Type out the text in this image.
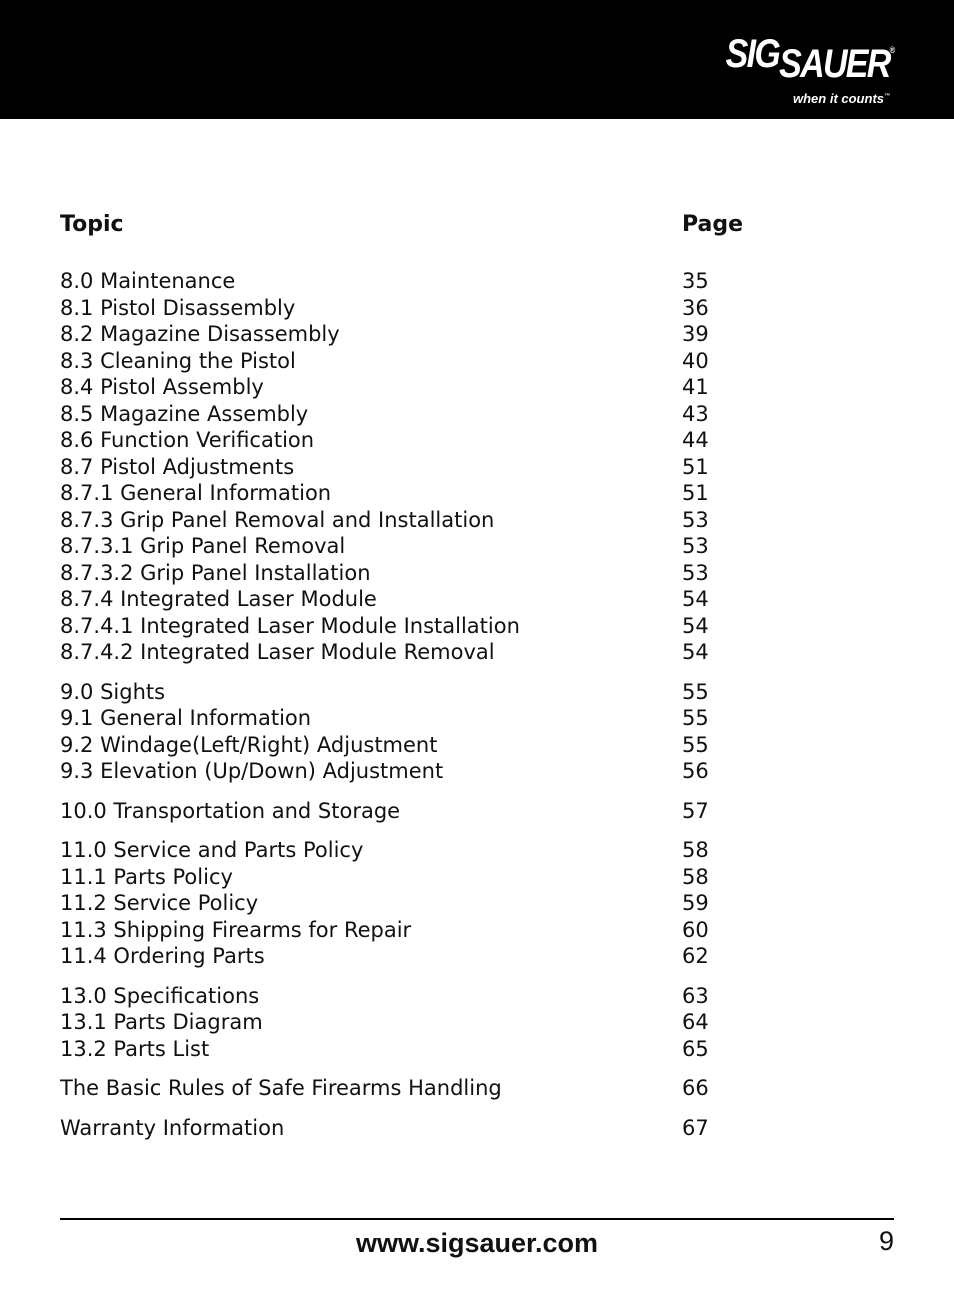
SIGSAUER®
when it counts™
Topic	Page
8.0 Maintenance	35
8.1 Pistol Disassembly	36
8.2 Magazine Disassembly	39
8.3 Cleaning the Pistol	40
8.4 Pistol Assembly	41
8.5 Magazine Assembly	43
8.6 Function Verification	44
8.7 Pistol Adjustments	51
8.7.1 General Information	51
8.7.3 Grip Panel Removal and Installation	53
8.7.3.1 Grip Panel Removal	53
8.7.3.2 Grip Panel Installation	53
8.7.4 Integrated Laser Module	54
8.7.4.1 Integrated Laser Module Installation	54
8.7.4.2 Integrated Laser Module Removal	54
9.0 Sights	55
9.1 General Information	55
9.2 Windage(Left/Right) Adjustment	55
9.3 Elevation (Up/Down) Adjustment	56
10.0 Transportation and Storage	57
11.0 Service and Parts Policy	58
11.1 Parts Policy	58
11.2 Service Policy	59
11.3 Shipping Firearms for Repair	60
11.4 Ordering Parts	62
13.0 Specifications	63
13.1 Parts Diagram	64
13.2 Parts List	65
The Basic Rules of Safe Firearms Handling	66
Warranty Information	67
www.sigsauer.com	9
